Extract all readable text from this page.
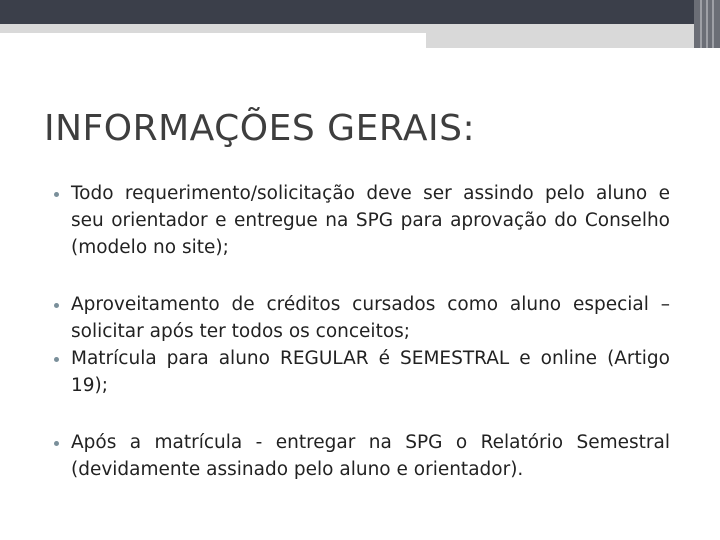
INFORMAÇÕES GERAIS:
Todo requerimento/solicitação deve ser assindo pelo aluno e seu orientador e entregue na SPG para aprovação do Conselho (modelo no site);
Aproveitamento de créditos cursados como aluno especial – solicitar após ter todos os conceitos;
Matrícula para aluno REGULAR é SEMESTRAL e online (Artigo 19);
Após a matrícula - entregar na SPG o Relatório Semestral (devidamente assinado pelo aluno e orientador).
